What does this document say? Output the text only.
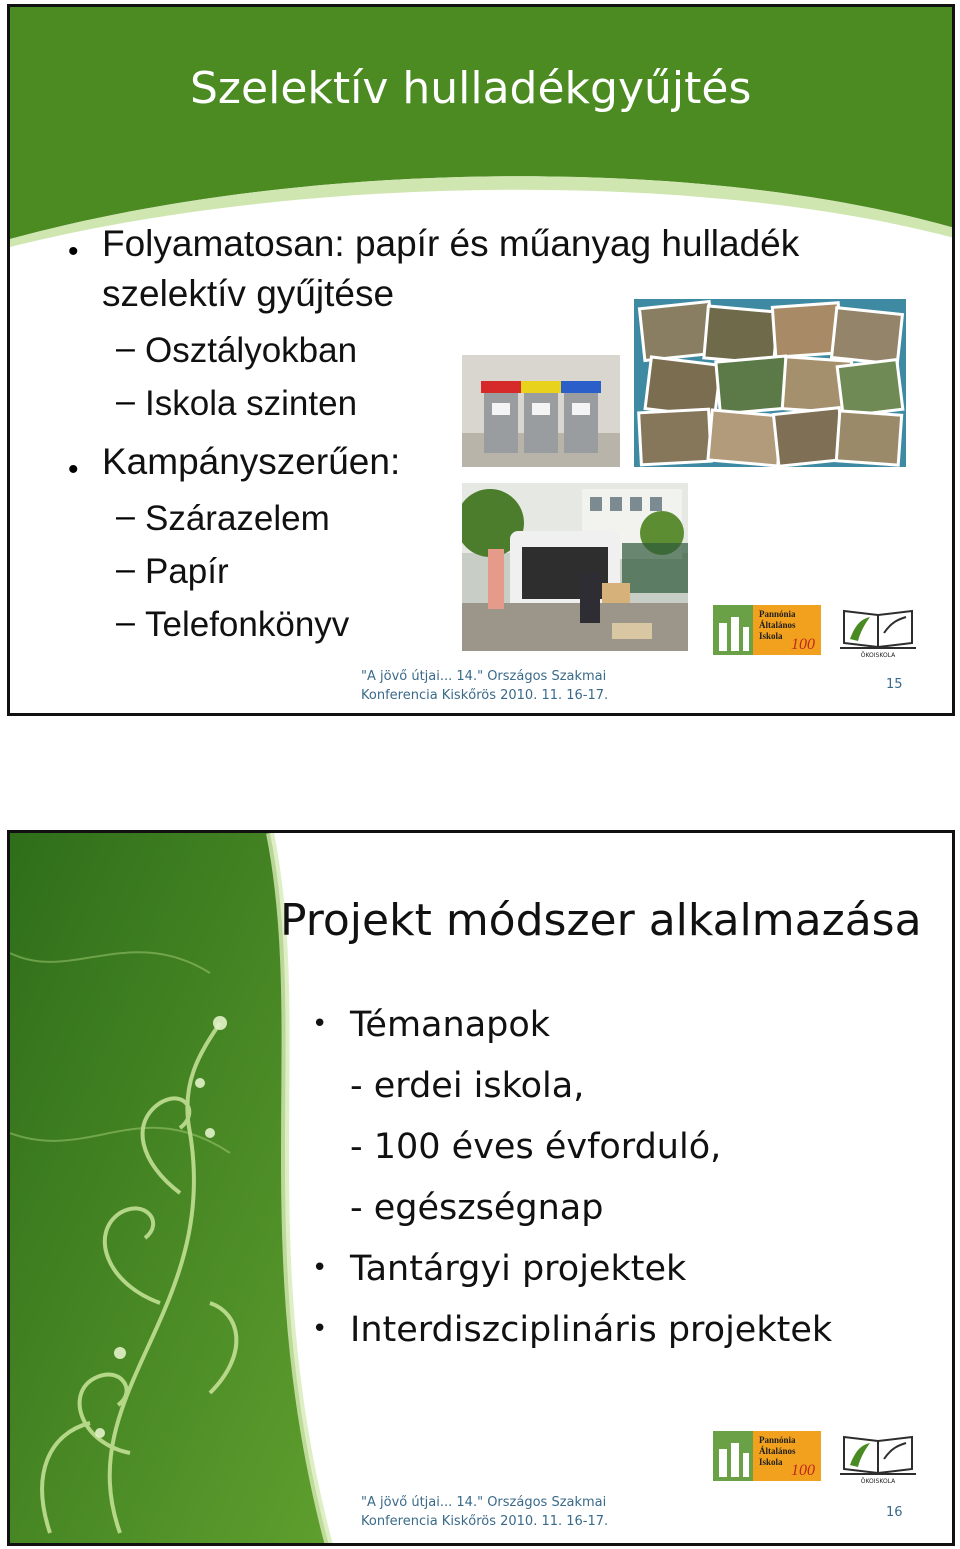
Szelektív hulladékgyűjtés
• Folyamatosan: papír és műanyag hulladék
szelektív gyűjtése
– Osztályokban
– Iskola szinten
• Kampányszerűen:
– Szárazelem
– Papír
– Telefonkönyv	Pannónia
Általános
Iskola 100
ÖKOISKOLA
"A jövő útjai... 14." Országos Szakmai
Konferencia Kiskőrös 2010. 11. 16-17.
15
Projekt módszer alkalmazása
• Témanapok
- erdei iskola,
- 100 éves évforduló,
- egészségnap
• Tantárgyi projektek
• Interdiszciplináris projektek
Pannónia
Általános
Iskola 100
ÖKOISKOLA
"A jövő útjai... 14." Országos Szakmai
Konferencia Kiskőrös 2010. 11. 16-17.
16
